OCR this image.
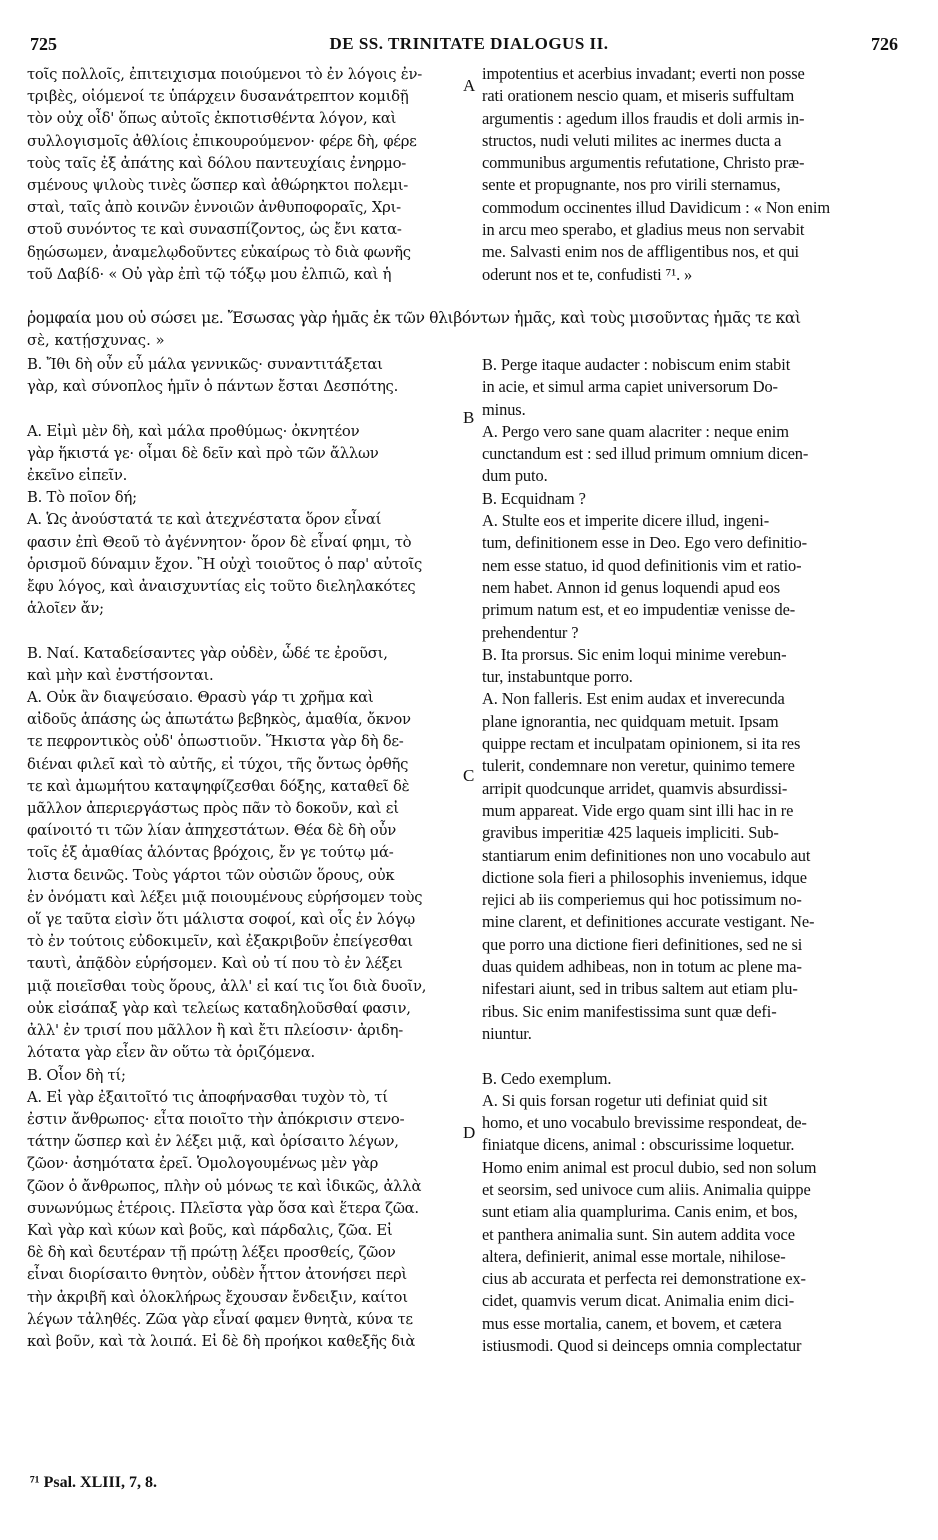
725	DE SS. TRINITATE DIALOGUS II.	726
τοῖς πολλοῖς, ἐπιτειχισμα ποιούμενοι τὸ ἐν λόγοις ἐν-
τριβὲς, οἰόμενοί τε ὑπάρχειν δυσανάτρεπτον κομιδῇ
τὸν οὐχ οἶδ' ὅπως αὐτοῖς ἐκποτισθέντα λόγον, καὶ
συλλογισμοῖς ἀθλίοις ἐπικουρούμενον· φέρε δὴ, φέρε
τοὺς ταῖς ἐξ ἀπάτης καὶ δόλου παντευχίαις ἐνηρμο-
σμένους ψιλοὺς τινὲς ὥσπερ καὶ ἀθώρηκτοι πολεμι-
σταὶ, ταῖς ἀπὸ κοινῶν ἐννοιῶν ἀνθυποφοραῖς, Χρι-
στοῦ συνόντος τε καὶ συνασπίζοντος, ὡς ἔνι κατα-
δῃώσωμεν, ἀναμελῳδοῦντες εὐκαίρως τὸ διὰ φωνῆς
τοῦ Δαβίδ· « Οὐ γὰρ ἐπὶ τῷ τόξῳ μου ἐλπιῶ, καὶ ἡ
impotentius et acerbius invadant; everti non posse
rati orationem nescio quam, et miseris suffultam
argumentis : agedum illos fraudis et doli armis in-
structos, nudi veluti milites ac inermes ducta a
communibus argumentis refutatione, Christo præ-
sente et propugnante, nos pro virili sternamus,
commodum occinentes illud Davidicum : « Non enim
in arcu meo sperabo, et gladius meus non servabit
me. Salvasti enim nos de affligentibus nos, et qui
oderunt nos et te, confudisti ⁷¹. »
A
ῥομφαία μου οὐ σώσει με. Ἔσωσας γὰρ ἡμᾶς ἐκ τῶν θλιβόντων ἡμᾶς, καὶ τοὺς μισοῦντας ἡμᾶς τε καὶ
σὲ, κατῄσχυνας. »
Β. Ἴθι δὴ οὖν εὖ μάλα γεννικῶς· συναντιτάξεται
γὰρ, καὶ σύνοπλος ἡμῖν ὁ πάντων ἔσται Δεσπότης.

Α. Εἰμὶ μὲν δὴ, καὶ μάλα προθύμως· ὀκνητέον
γὰρ ἥκιστά γε· οἶμαι δὲ δεῖν καὶ πρὸ τῶν ἄλλων
ἐκεῖνο εἰπεῖν.
Β. Τὸ ποῖον δή;
Α. Ὡς ἀνούστατά τε καὶ ἀτεχνέστατα ὅρον εἶναί
φασιν ἐπὶ Θεοῦ τὸ ἀγέννητον· ὅρον δὲ εἶναί φημι, τὸ
ὁρισμοῦ δύναμιν ἔχον. Ἢ οὐχὶ τοιοῦτος ὁ παρ' αὐτοῖς
ἔφυ λόγος, καὶ ἀναισχυντίας εἰς τοῦτο διεληλακότες
ἁλοῖεν ἄν;

Β. Ναί. Καταδείσαντες γὰρ οὐδὲν, ὧδέ τε ἐροῦσι,
καὶ μὴν καὶ ἐνστήσονται.
Α. Οὐκ ἂν διαψεύσαιο. Θρασὺ γάρ τι χρῆμα καὶ
αἰδοῦς ἁπάσης ὡς ἀπωτάτω βεβηκὸς, ἀμαθία, ὄκνον
τε πεφροντικὸς οὐδ' ὁπωστιοῦν. Ἥκιστα γὰρ δὴ δε-
διέναι φιλεῖ καὶ τὸ αὐτῆς, εἰ τύχοι, τῆς ὄντως ὀρθῆς
τε καὶ ἀμωμήτου καταψηφίζεσθαι δόξης, καταθεῖ δὲ
μᾶλλον ἀπεριεργάστως πρὸς πᾶν τὸ δοκοῦν, καὶ εἰ
φαίνοιτό τι τῶν λίαν ἀπηχεστάτων. Θέα δὲ δὴ οὖν
τοῖς ἐξ ἀμαθίας ἁλόντας βρόχοις, ἔν γε τούτῳ μά-
λιστα δεινῶς. Τοὺς γάρτοι τῶν οὐσιῶν ὅρους, οὐκ
ἐν ὀνόματι καὶ λέξει μιᾷ ποιουμένους εὑρήσομεν τοὺς
οἵ γε ταῦτα εἰσὶν ὅτι μάλιστα σοφοί, καὶ οἷς ἐν λόγῳ
τὸ ἐν τούτοις εὐδοκιμεῖν, καὶ ἐξακριβοῦν ἐπείγεσθαι
ταυτὶ, ἀπᾷδὸν εὑρήσομεν. Καὶ οὐ τί που τὸ ἐν λέξει
μιᾷ ποιεῖσθαι τοὺς ὅρους, ἀλλ' εἰ καί τις ἴοι διὰ δυοῖν,
οὐκ εἰσάπαξ γὰρ καὶ τελείως καταδηλοῦσθαί φασιν,
ἀλλ' ἐν τρισί που μᾶλλον ἢ καὶ ἔτι πλείοσιν· ἀριδη-
λότατα γὰρ εἶεν ἂν οὕτω τὰ ὁριζόμενα.
Β. Οἷον δὴ τί;
Α. Εἰ γὰρ ἐξαιτοῖτό τις ἀποφήνασθαι τυχὸν τὸ, τί
ἐστιν ἄνθρωπος· εἶτα ποιοῖτο τὴν ἀπόκρισιν στενο-
τάτην ὥσπερ καὶ ἐν λέξει μιᾷ, καὶ ὁρίσαιτο λέγων,
ζῶον· ἀσημότατα ἐρεῖ. Ὁμολογουμένως μὲν γὰρ
ζῶον ὁ ἄνθρωπος, πλὴν οὐ μόνως τε καὶ ἰδικῶς, ἀλλὰ
συνωνύμως ἑτέροις. Πλεῖστα γὰρ ὅσα καὶ ἕτερα ζῶα.
Καὶ γὰρ καὶ κύων καὶ βοῦς, καὶ πάρδαλις, ζῶα. Εἰ
δὲ δὴ καὶ δευτέραν τῇ πρώτῃ λέξει προσθείς, ζῶον
εἶναι διορίσαιτο θνητὸν, οὐδὲν ἧττον ἀτονήσει περὶ
τὴν ἀκριβῆ καὶ ὁλοκλήρως ἔχουσαν ἔνδειξιν, καίτοι
λέγων τἀληθές. Ζῶα γὰρ εἶναί φαμεν θνητὰ, κύνα τε
καὶ βοῦν, καὶ τὰ λοιπά. Εἰ δὲ δὴ προήκοι καθεξῆς διὰ
B. Perge itaque audacter : nobiscum enim stabit
in acie, et simul arma capiet universorum Do-
minus.
A. Pergo vero sane quam alacriter : neque enim
cunctandum est : sed illud primum omnium dicen-
dum puto.
B. Ecquidnam ?
A. Stulte eos et imperite dicere illud, ingeni-
tum, definitionem esse in Deo. Ego vero definitio-
nem esse statuo, id quod definitionis vim et ratio-
nem habet. Annon id genus loquendi apud eos
primum natum est, et eo impudentiæ venisse de-
prehendentur ?
B. Ita prorsus. Sic enim loqui minime verebun-
tur, instabuntque porro.
A. Non falleris. Est enim audax et inverecunda
plane ignorantia, nec quidquam metuit. Ipsam
quippe rectam et inculpatam opinionem, si ita res
tulerit, condemnare non veretur, quinimo temere
arripit quodcunque arridet, quamvis absurdissi-
mum appareat. Vide ergo quam sint illi hac in re
gravibus imperitiæ 425 laqueis impliciti. Sub-
stantiarum enim definitiones non uno vocabulo aut
dictione sola fieri a philosophis inveniemus, idque
rejici ab iis comperiemus qui hoc potissimum no-
mine clarent, et definitiones accurate vestigant. Ne-
que porro una dictione fieri definitiones, sed ne si
duas quidem adhibeas, non in totum ac plene ma-
nifestari aiunt, sed in tribus saltem aut etiam plu-
ribus. Sic enim manifestissima sunt quæ defi-
niuntur.

B. Cedo exemplum.
A. Si quis forsan rogetur uti definiat quid sit
homo, et uno vocabulo brevissime respondeat, de-
finiatque dicens, animal : obscurissime loquetur.
Homo enim animal est procul dubio, sed non solum
et seorsim, sed univoce cum aliis. Animalia quippe
sunt etiam alia quamplurima. Canis enim, et bos,
et panthera animalia sunt. Sin autem addita voce
altera, definierit, animal esse mortale, nihilose-
cius ab accurata et perfecta rei demonstratione ex-
cidet, quamvis verum dicat. Animalia enim dici-
mus esse mortalia, canem, et bovem, et cætera
istiusmodi. Quod si deinceps omnia complectatur
B
C
D
⁷¹ Psal. XLIII, 7, 8.
